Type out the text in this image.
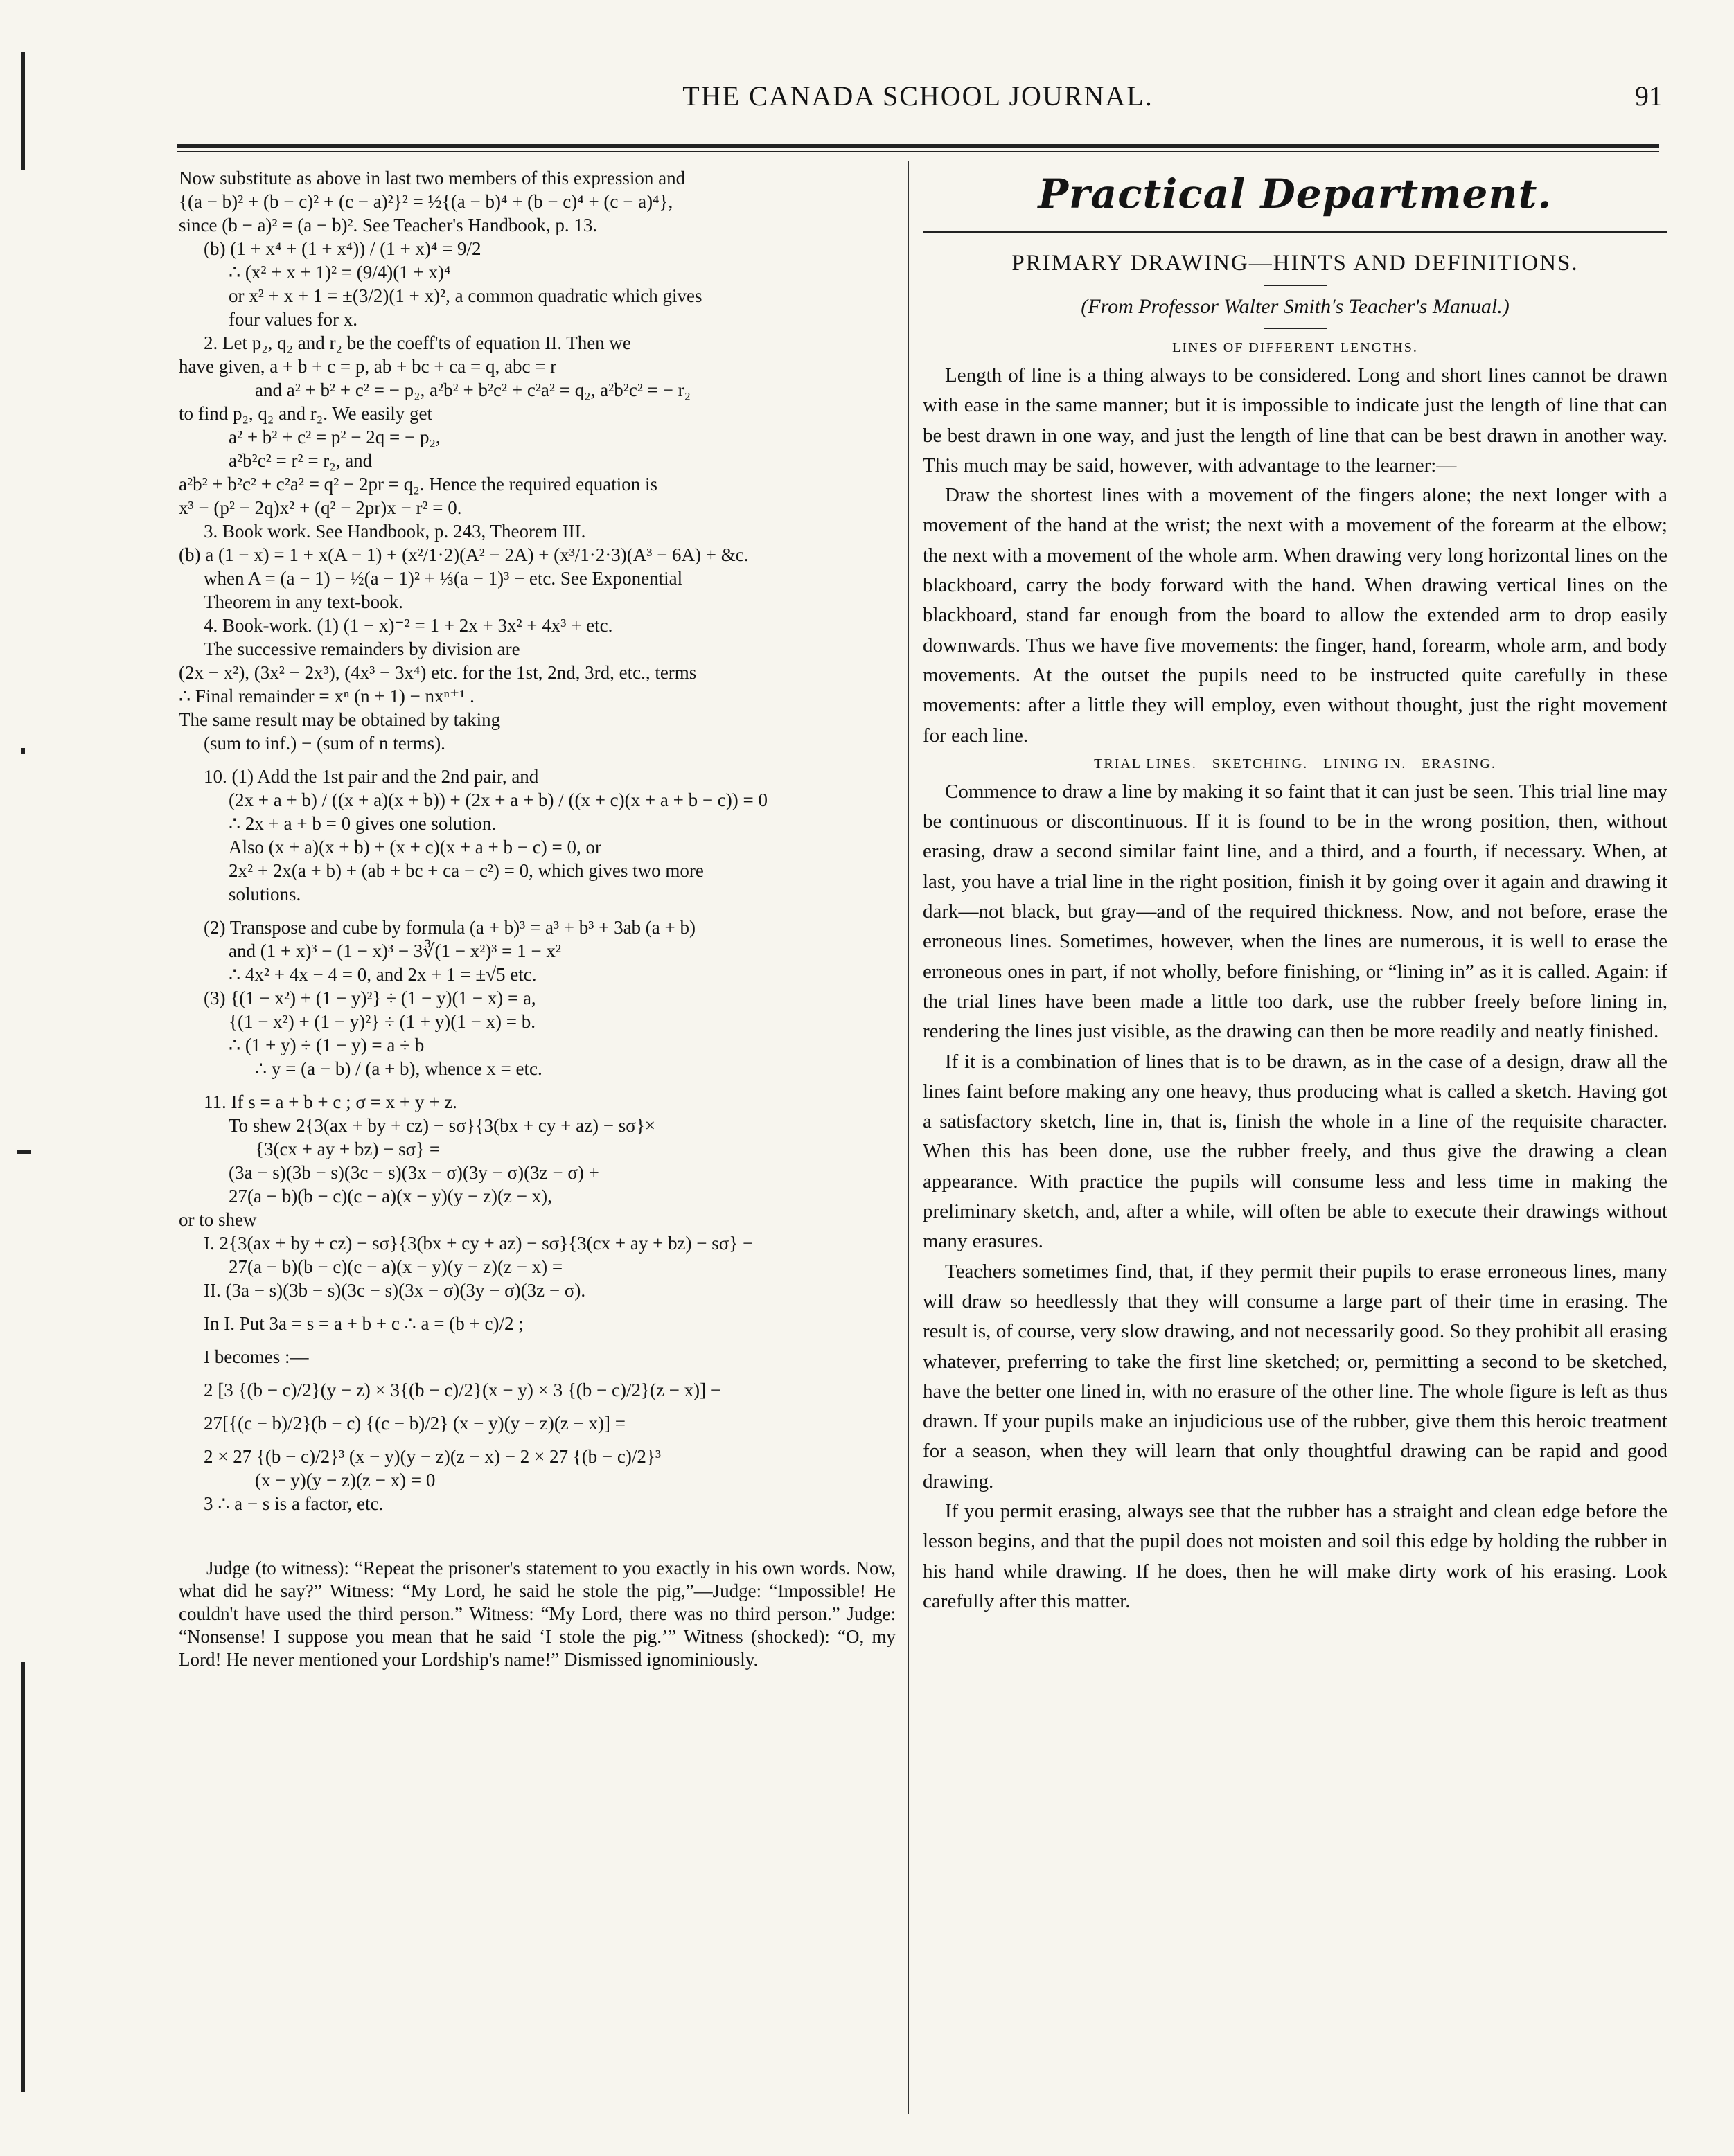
THE CANADA SCHOOL JOURNAL.	91

Now substitute as above in last two members of this expression and

{(a − b)² + (b − c)² + (c − a)²}² = ½{(a − b)⁴ + (b − c)⁴ + (c − a)⁴},

since (b − a)² = (a − b)². See Teacher's Handbook, p. 13.

(b) (1 + x⁴ + (1 + x⁴)) / (1 + x)⁴ = 9/2

∴ (x² + x + 1)² = (9/4)(1 + x)⁴

or x² + x + 1 = ±(3/2)(1 + x)², a common quadratic which gives

four values for x.

2. Let p₂, q₂ and r₂ be the coeff'ts of equation II. Then we

have given, a + b + c = p, ab + bc + ca = q, abc = r

and a² + b² + c² = − p₂, a²b² + b²c² + c²a² = q₂, a²b²c² = − r₂

to find p₂, q₂ and r₂. We easily get

a² + b² + c² = p² − 2q = − p₂,

a²b²c² = r² = r₂, and

a²b² + b²c² + c²a² = q² − 2pr = q₂. Hence the required equation is

x³ − (p² − 2q)x² + (q² − 2pr)x − r² = 0.

3. Book work. See Handbook, p. 243, Theorem III.

(b) a (1 − x) = 1 + x(A − 1) + (x²/1·2)(A² − 2A) + (x³/1·2·3)(A³ − 6A) + &c.

when A = (a − 1) − ½(a − 1)² + ⅓(a − 1)³ − etc. See Exponential

Theorem in any text-book.

4. Book-work. (1) (1 − x)⁻² = 1 + 2x + 3x² + 4x³ + etc.

The successive remainders by division are

(2x − x²), (3x² − 2x³), (4x³ − 3x⁴) etc. for the 1st, 2nd, 3rd, etc., terms

∴ Final remainder = xⁿ (n + 1) − nxⁿ⁺¹ .

The same result may be obtained by taking

(sum to inf.) − (sum of n terms).

10. (1) Add the 1st pair and the 2nd pair, and

(2x + a + b) / ((x + a)(x + b)) + (2x + a + b) / ((x + c)(x + a + b − c)) = 0

∴ 2x + a + b = 0 gives one solution.

Also (x + a)(x + b) + (x + c)(x + a + b − c) = 0, or

2x² + 2x(a + b) + (ab + bc + ca − c²) = 0, which gives two more

solutions.

(2) Transpose and cube by formula (a + b)³ = a³ + b³ + 3ab (a + b)

and (1 + x)³ − (1 − x)³ − 3∛(1 − x²)³ = 1 − x²

∴ 4x² + 4x − 4 = 0, and 2x + 1 = ±√5 etc.

(3) {(1 − x²) + (1 − y)²} ÷ (1 − y)(1 − x) = a,

{(1 − x²) + (1 − y)²} ÷ (1 + y)(1 − x) = b.

∴ (1 + y) ÷ (1 − y) = a ÷ b

∴ y = (a − b) / (a + b), whence x = etc.

11. If s = a + b + c ; σ = x + y + z.

To shew 2{3(ax + by + cz) − sσ}{3(bx + cy + az) − sσ}×

{3(cx + ay + bz) − sσ} =

(3a − s)(3b − s)(3c − s)(3x − σ)(3y − σ)(3z − σ) +

27(a − b)(b − c)(c − a)(x − y)(y − z)(z − x),

or to shew

I. 2{3(ax + by + cz) − sσ}{3(bx + cy + az) − sσ}{3(cx + ay + bz) − sσ} −

27(a − b)(b − c)(c − a)(x − y)(y − z)(z − x) =

II. (3a − s)(3b − s)(3c − s)(3x − σ)(3y − σ)(3z − σ).

In I. Put 3a = s = a + b + c ∴ a = (b + c)/2 ;

I becomes :—

2 [3 {(b − c)/2}(y − z) × 3{(b − c)/2}(x − y) × 3 {(b − c)/2}(z − x)] −

27[{(c − b)/2}(b − c) {(c − b)/2} (x − y)(y − z)(z − x)] =

2 × 27 {(b − c)/2}³ (x − y)(y − z)(z − x) − 2 × 27 {(b − c)/2}³

(x − y)(y − z)(z − x) = 0

3 ∴ a − s is a factor, etc.

Judge (to witness): “Repeat the prisoner's statement to you exactly in his own words. Now, what did he say?” Witness: “My Lord, he said he stole the pig,”—Judge: “Impossible! He couldn't have used the third person.” Witness: “My Lord, there was no third person.” Judge: “Nonsense! I suppose you mean that he said ‘I stole the pig.’” Witness (shocked): “O, my Lord! He never mentioned your Lordship's name!” Dismissed ignominiously.

Practical Department.

PRIMARY DRAWING—HINTS AND DEFINITIONS.

(From Professor Walter Smith's Teacher's Manual.)

LINES OF DIFFERENT LENGTHS.

Length of line is a thing always to be considered. Long and short lines cannot be drawn with ease in the same manner; but it is impossible to indicate just the length of line that can be best drawn in one way, and just the length of line that can be best drawn in another way. This much may be said, however, with advantage to the learner:—

Draw the shortest lines with a movement of the fingers alone; the next longer with a movement of the hand at the wrist; the next with a movement of the forearm at the elbow; the next with a movement of the whole arm. When drawing very long horizontal lines on the blackboard, carry the body forward with the hand. When drawing vertical lines on the blackboard, stand far enough from the board to allow the extended arm to drop easily downwards. Thus we have five movements: the finger, hand, forearm, whole arm, and body movements. At the outset the pupils need to be instructed quite carefully in these movements: after a little they will employ, even without thought, just the right movement for each line.

TRIAL LINES.—SKETCHING.—LINING IN.—ERASING.

Commence to draw a line by making it so faint that it can just be seen. This trial line may be continuous or discontinuous. If it is found to be in the wrong position, then, without erasing, draw a second similar faint line, and a third, and a fourth, if necessary. When, at last, you have a trial line in the right position, finish it by going over it again and drawing it dark—not black, but gray—and of the required thickness. Now, and not before, erase the erroneous lines. Sometimes, however, when the lines are numerous, it is well to erase the erroneous ones in part, if not wholly, before finishing, or “lining in” as it is called. Again: if the trial lines have been made a little too dark, use the rubber freely before lining in, rendering the lines just visible, as the drawing can then be more readily and neatly finished.

If it is a combination of lines that is to be drawn, as in the case of a design, draw all the lines faint before making any one heavy, thus producing what is called a sketch. Having got a satisfactory sketch, line in, that is, finish the whole in a line of the requisite character. When this has been done, use the rubber freely, and thus give the drawing a clean appearance. With practice the pupils will consume less and less time in making the preliminary sketch, and, after a while, will often be able to execute their drawings without many erasures.

Teachers sometimes find, that, if they permit their pupils to erase erroneous lines, many will draw so heedlessly that they will consume a large part of their time in erasing. The result is, of course, very slow drawing, and not necessarily good. So they prohibit all erasing whatever, preferring to take the first line sketched; or, permitting a second to be sketched, have the better one lined in, with no erasure of the other line. The whole figure is left as thus drawn. If your pupils make an injudicious use of the rubber, give them this heroic treatment for a season, when they will learn that only thoughtful drawing can be rapid and good drawing.

If you permit erasing, always see that the rubber has a straight and clean edge before the lesson begins, and that the pupil does not moisten and soil this edge by holding the rubber in his hand while drawing. If he does, then he will make dirty work of his erasing. Look carefully after this matter.
